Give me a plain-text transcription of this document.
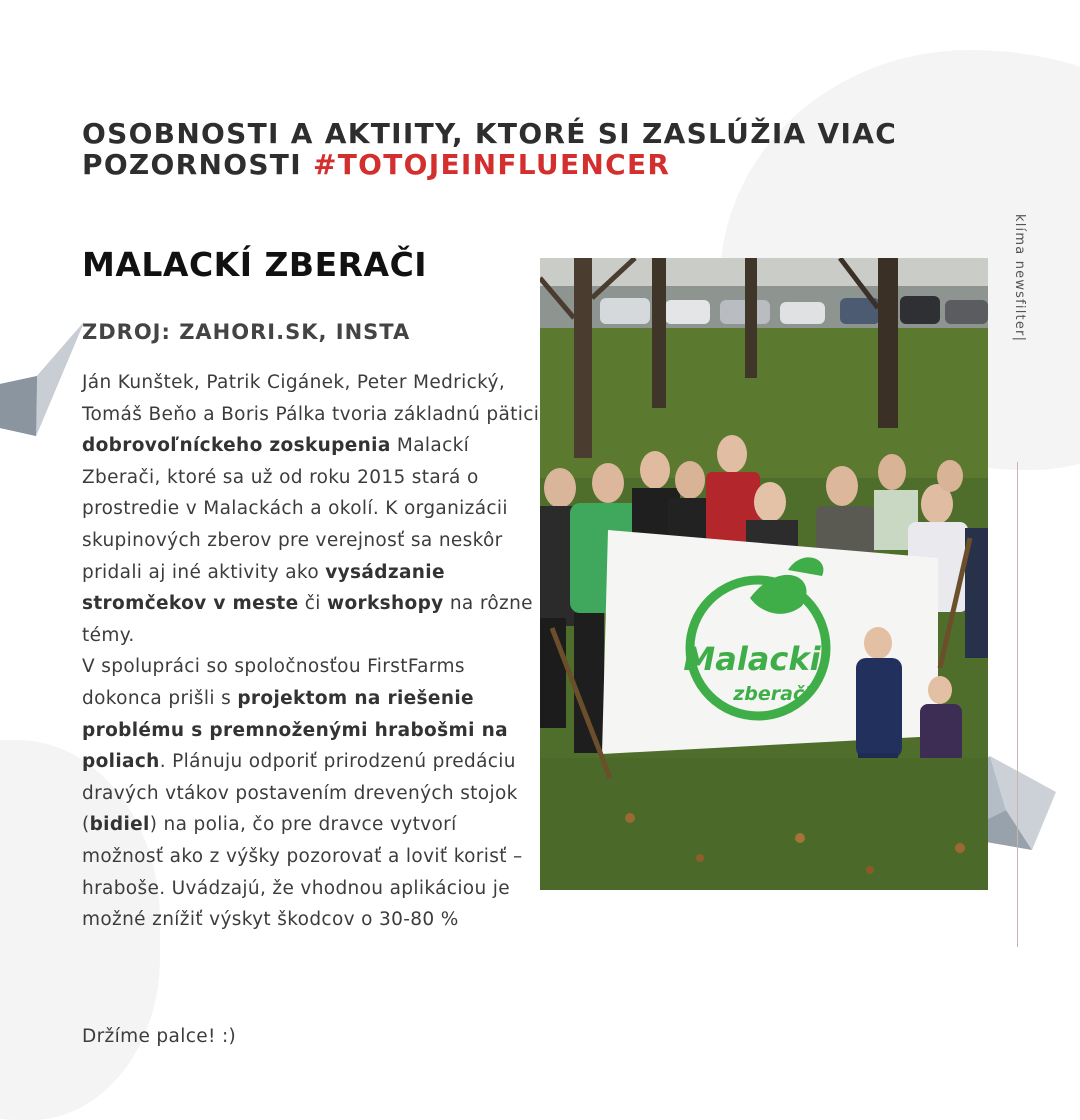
OSOBNOSTI A AKTIITY, KTORÉ SI ZASLÚŽIA VIAC POZORNOSTI #TOTOJEINFLUENCER
MALACKÍ ZBERAČI
ZDROJ: ZAHORI.SK, INSTA

Ján Kunštek, Patrik Cigánek, Peter Medrický, Tomáš Beňo a Boris Pálka tvoria základnú pätici dobrovoľníckeho zoskupenia Malackí Zberači, ktoré sa už od roku 2015 stará o prostredie v Malackách a okolí. K organizácii skupinových zberov pre verejnosť sa neskôr pridali aj iné aktivity ako vysádzanie stromčekov v meste či workshopy na rôzne témy.
V spolupráci so spoločnosťou FirstFarms dokonca prišli s projektom na riešenie problému s premnoženými hrabošmi na poliach. Plánuju odporiť prirodzenú predáciu dravých vtákov postavením drevených stojok (bidiel) na polia, čo pre dravce vytvorí možnosť ako z výšky pozorovať a loviť korisť – hraboše. Uvádzajú, že vhodnou aplikáciou je možné znížiť výskyt škodcov o 30-80 %

Držíme palce! :)

Malacki
zberači
klíma newsfilter|
